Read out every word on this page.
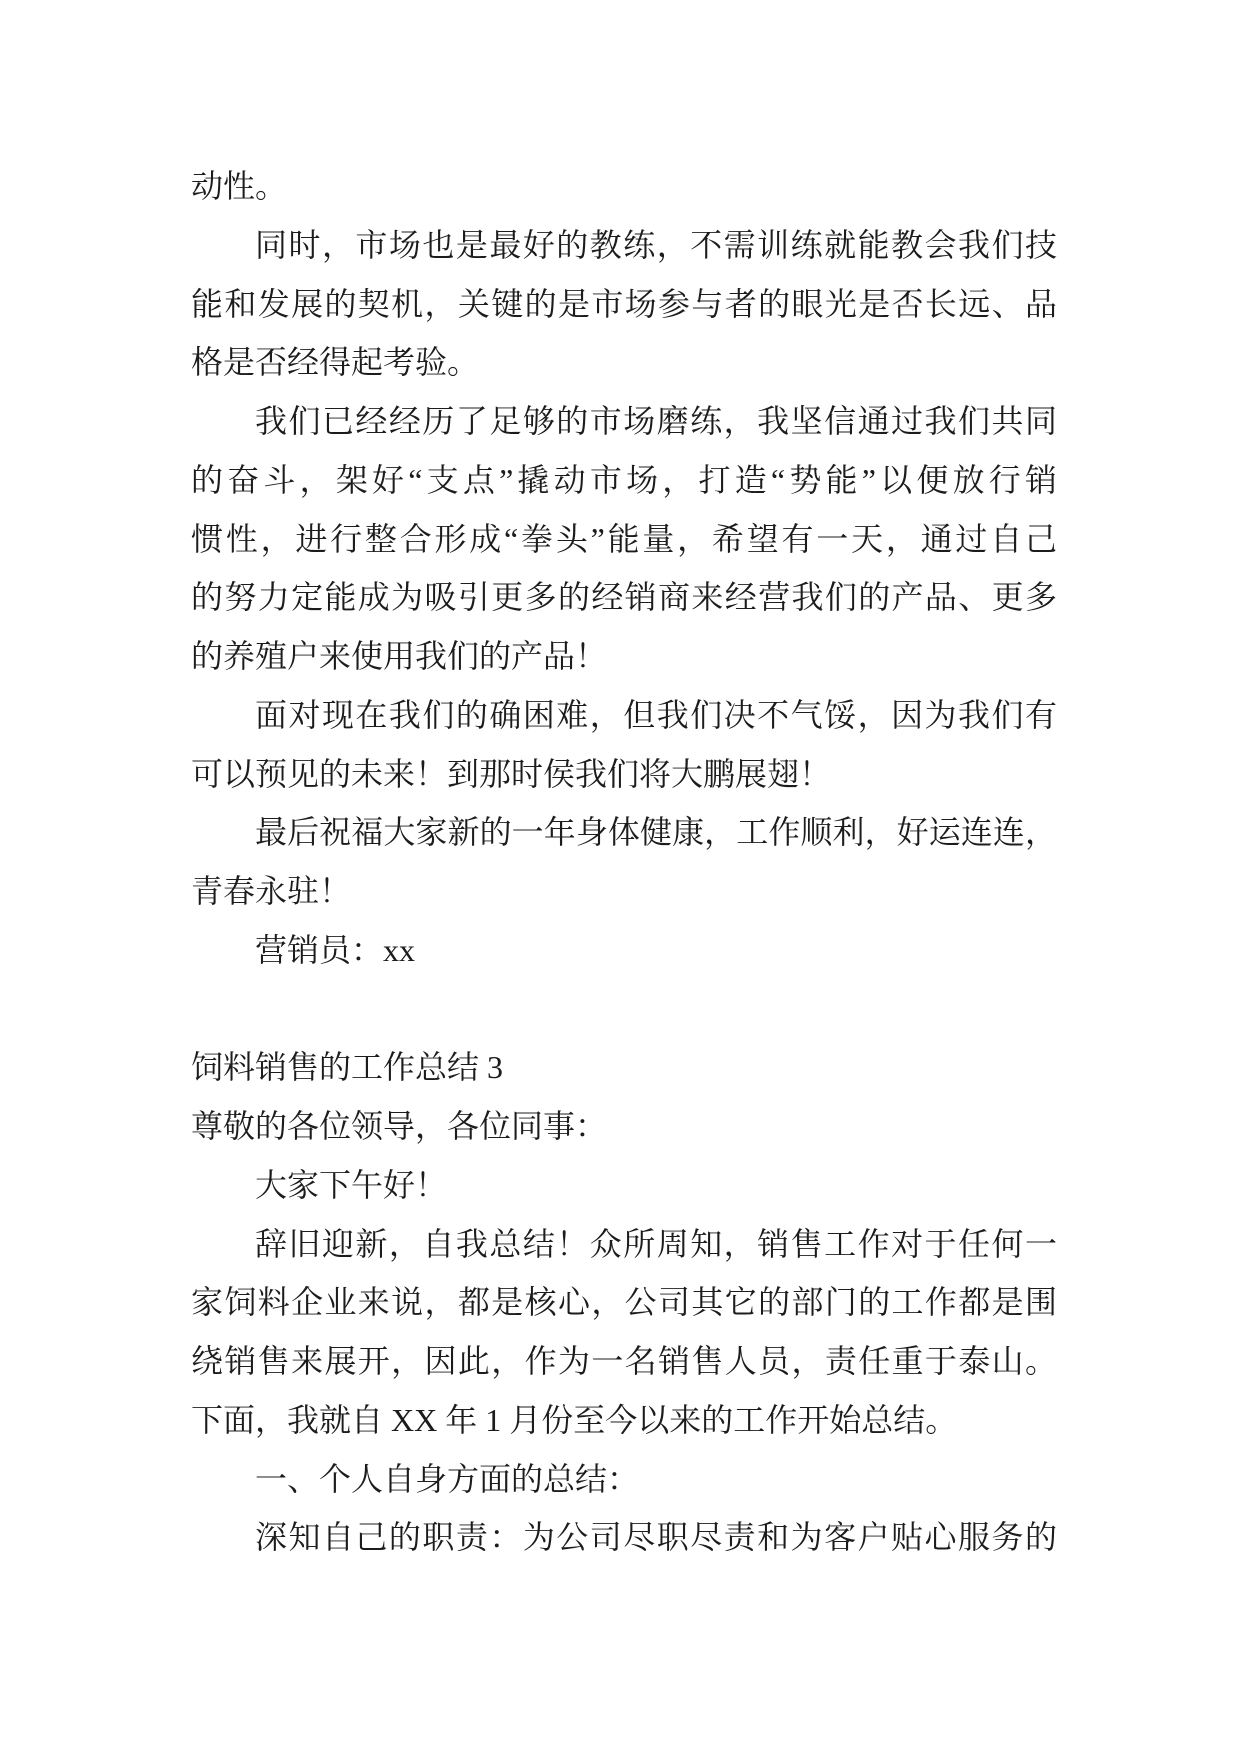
动性。
同时，市场也是最好的教练，不需训练就能教会我们技
能和发展的契机，关键的是市场参与者的眼光是否长远、品
格是否经得起考验。
我们已经经历了足够的市场磨练，我坚信通过我们共同
的奋斗，架好“支点”撬动市场，打造“势能”以便放行销
惯性，进行整合形成“拳头”能量，希望有一天，通过自己
的努力定能成为吸引更多的经销商来经营我们的产品、更多
的养殖户来使用我们的产品！
面对现在我们的确困难，但我们决不气馁，因为我们有
可以预见的未来！到那时侯我们将大鹏展翅！
最后祝福大家新的一年身体健康，工作顺利，好运连连，
青春永驻！
营销员：xx
饲料销售的工作总结 3
尊敬的各位领导，各位同事：
大家下午好！
辞旧迎新，自我总结！众所周知，销售工作对于任何一
家饲料企业来说，都是核心，公司其它的部门的工作都是围
绕销售来展开，因此，作为一名销售人员，责任重于泰山。
下面，我就自 XX 年 1 月份至今以来的工作开始总结。
一、个人自身方面的总结：
深知自己的职责：为公司尽职尽责和为客户贴心服务的
